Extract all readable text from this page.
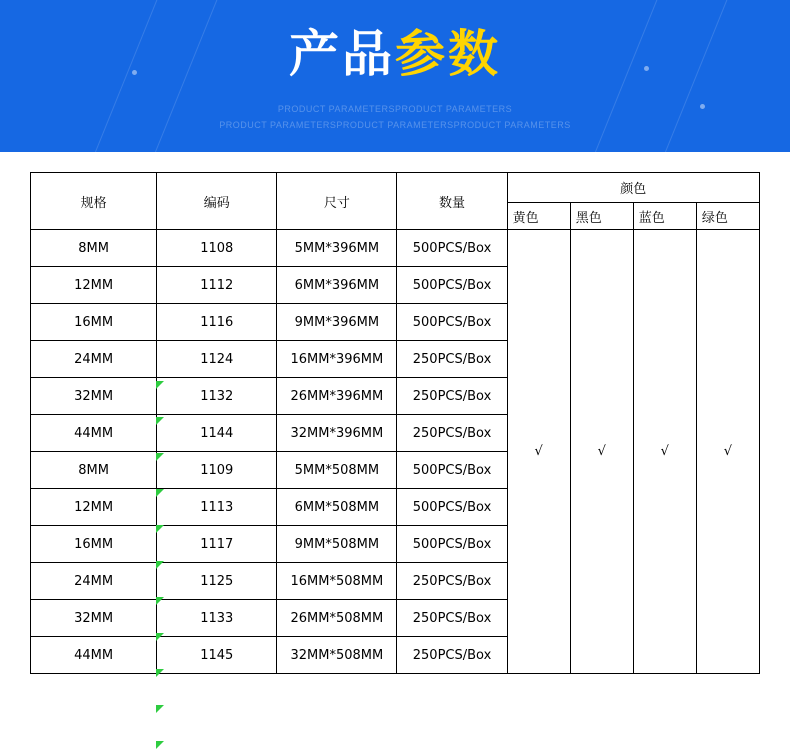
产品参数
PRODUCT PARAMETERSPRODUCT PARAMETERS
PRODUCT PARAMETERSPRODUCT PARAMETERSPRODUCT PARAMETERS
规格	编码	尺寸	数量	颜色			
				黄色	黑色	蓝色	绿色
8MM	1108	5MM*396MM	500PCS/Box	√	√	√	√
12MM	1112	6MM*396MM	500PCS/Box				
16MM	1116	9MM*396MM	500PCS/Box				
24MM	1124	16MM*396MM	250PCS/Box				
32MM	1132	26MM*396MM	250PCS/Box				
44MM	1144	32MM*396MM	250PCS/Box				
8MM	1109	5MM*508MM	500PCS/Box				
12MM	1113	6MM*508MM	500PCS/Box				
16MM	1117	9MM*508MM	500PCS/Box				
24MM	1125	16MM*508MM	250PCS/Box				
32MM	1133	26MM*508MM	250PCS/Box				
44MM	1145	32MM*508MM	250PCS/Box				
